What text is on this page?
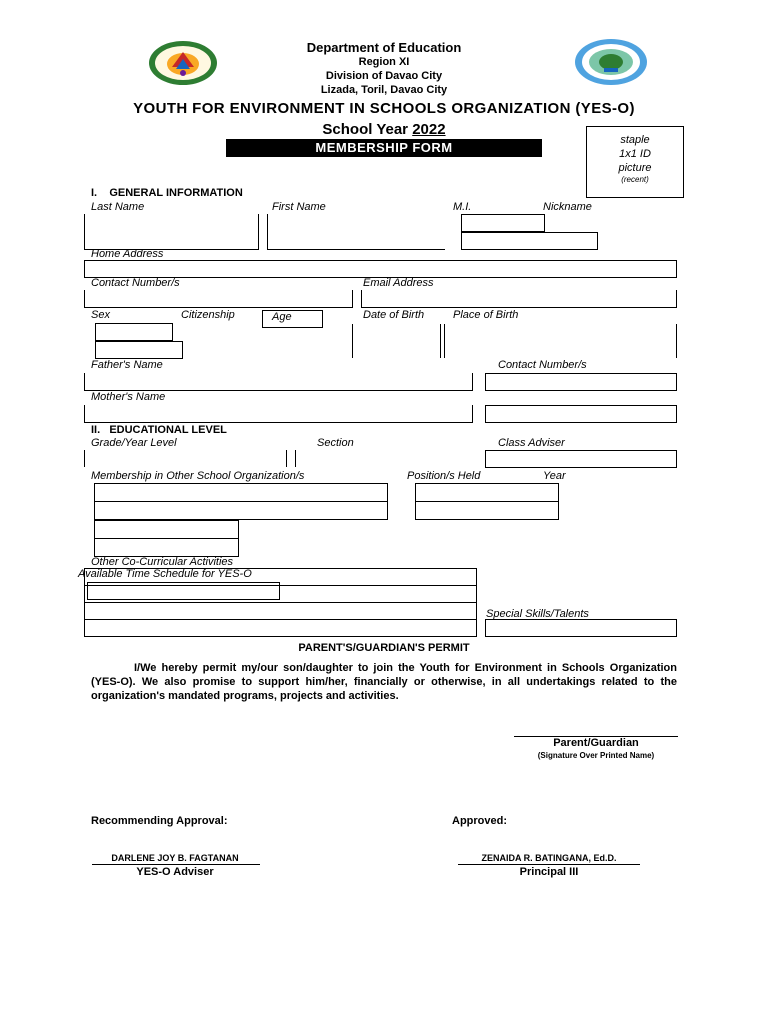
Department of Education
Region XI
Division of Davao City
Lizada, Toril, Davao City
YOUTH FOR ENVIRONMENT IN SCHOOLS ORGANIZATION (YES-O)
School Year 2022
MEMBERSHIP FORM	staple
1x1 ID
picture
(recent)
I.    GENERAL INFORMATION
Last Name	First Name	M.I.	Nickname
Home Address
Contact Number/s	Email Address
Sex	Citizenship	Age	Date of Birth	Place of Birth
Father's Name	Contact Number/s
Mother's Name
II.   EDUCATIONAL LEVEL
Grade/Year Level	Section	Class Adviser
Membership in Other School Organization/s	Position/s Held	Year
Other Co-Curricular Activities
Available Time Schedule for YES-O
Special Skills/Talents
PARENT'S/GUARDIAN'S PERMIT
I/We hereby permit my/our son/daughter to join the Youth for Environment in Schools Organization (YES-O). We also promise to support him/her, financially or otherwise, in all undertakings related to the organization's mandated programs, projects and activities.
Parent/Guardian
(Signature Over Printed Name)
Recommending Approval:	Approved:
DARLENE JOY B. FAGTANAN
YES-O Adviser
ZENAIDA R. BATINGANA, Ed.D.
Principal III
